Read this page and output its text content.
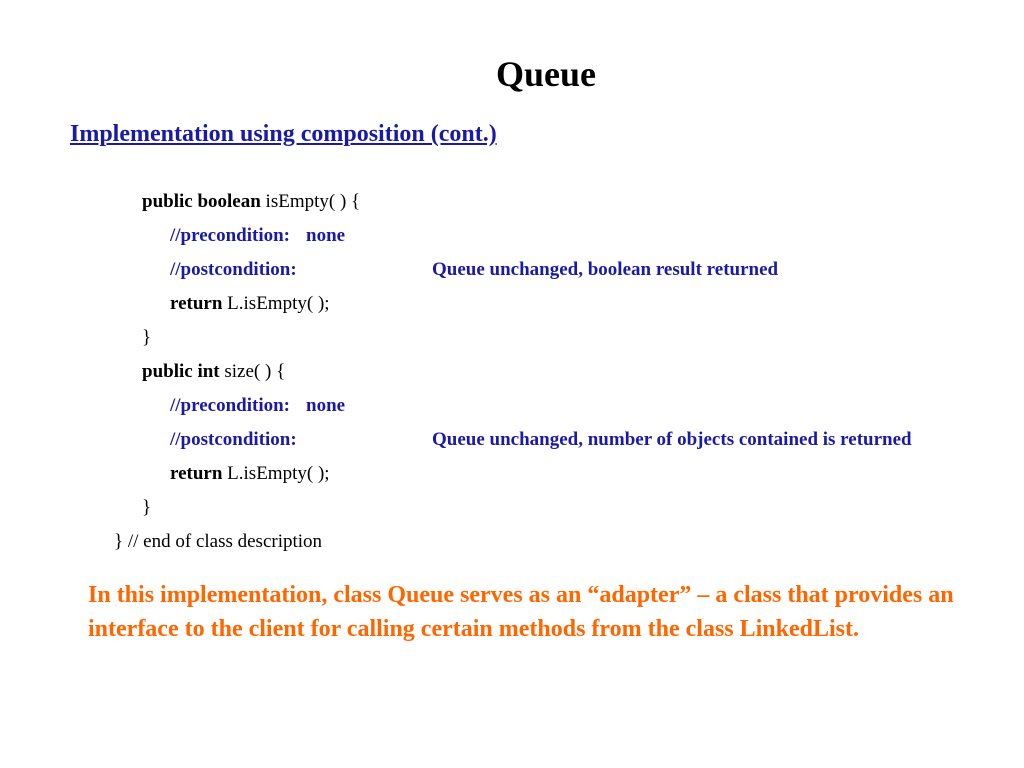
Queue
Implementation using composition (cont.)
public boolean isEmpty( ) {
//precondition: none
//postcondition:	Queue unchanged, boolean result returned
return L.isEmpty( );
}
public int size( ) {
//precondition: none
//postcondition:	Queue unchanged, number of objects contained is returned
return L.isEmpty( );
}
} // end of class description
In this implementation, class Queue serves as an “adapter” – a class that provides an interface to the client for calling certain methods from the class LinkedList.
